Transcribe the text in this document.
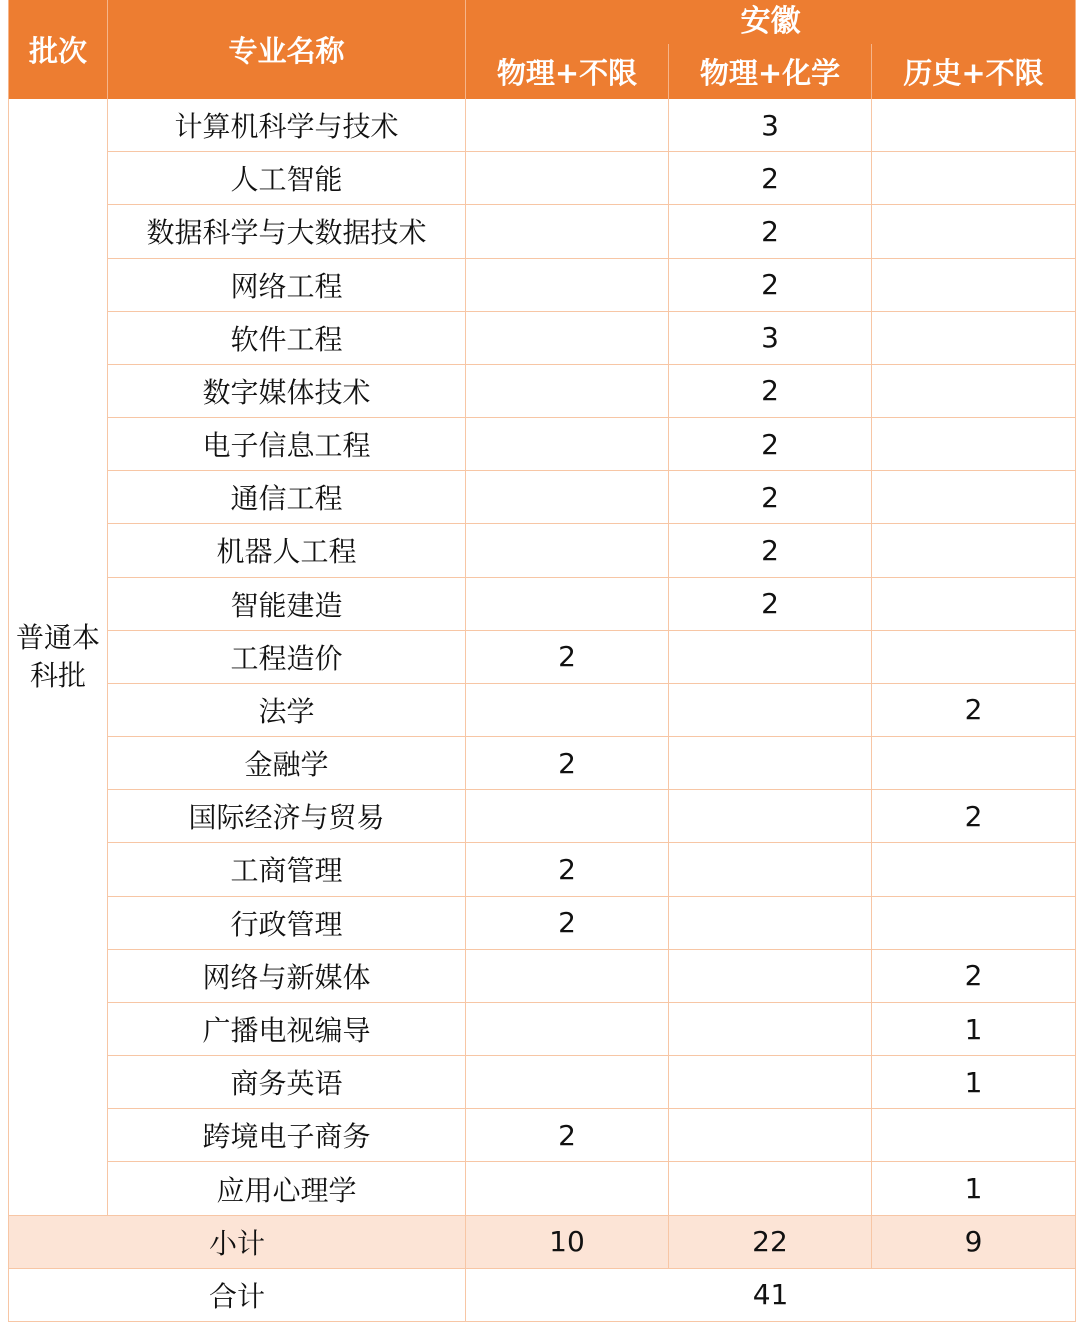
批次	专业名称	安徽		
		物理+不限	物理+化学	历史+不限
普通本科批	计算机科学与技术		3	
	人工智能		2	
	数据科学与大数据技术		2	
	网络工程		2	
	软件工程		3	
	数字媒体技术		2	
	电子信息工程		2	
	通信工程		2	
	机器人工程		2	
	智能建造		2	
	工程造价	2		
	法学			2
	金融学	2		
	国际经济与贸易			2
	工商管理	2		
	行政管理	2		
	网络与新媒体			2
	广播电视编导			1
	商务英语			1
	跨境电子商务	2		
	应用心理学			1
小计		10	22	9
合计		41		
